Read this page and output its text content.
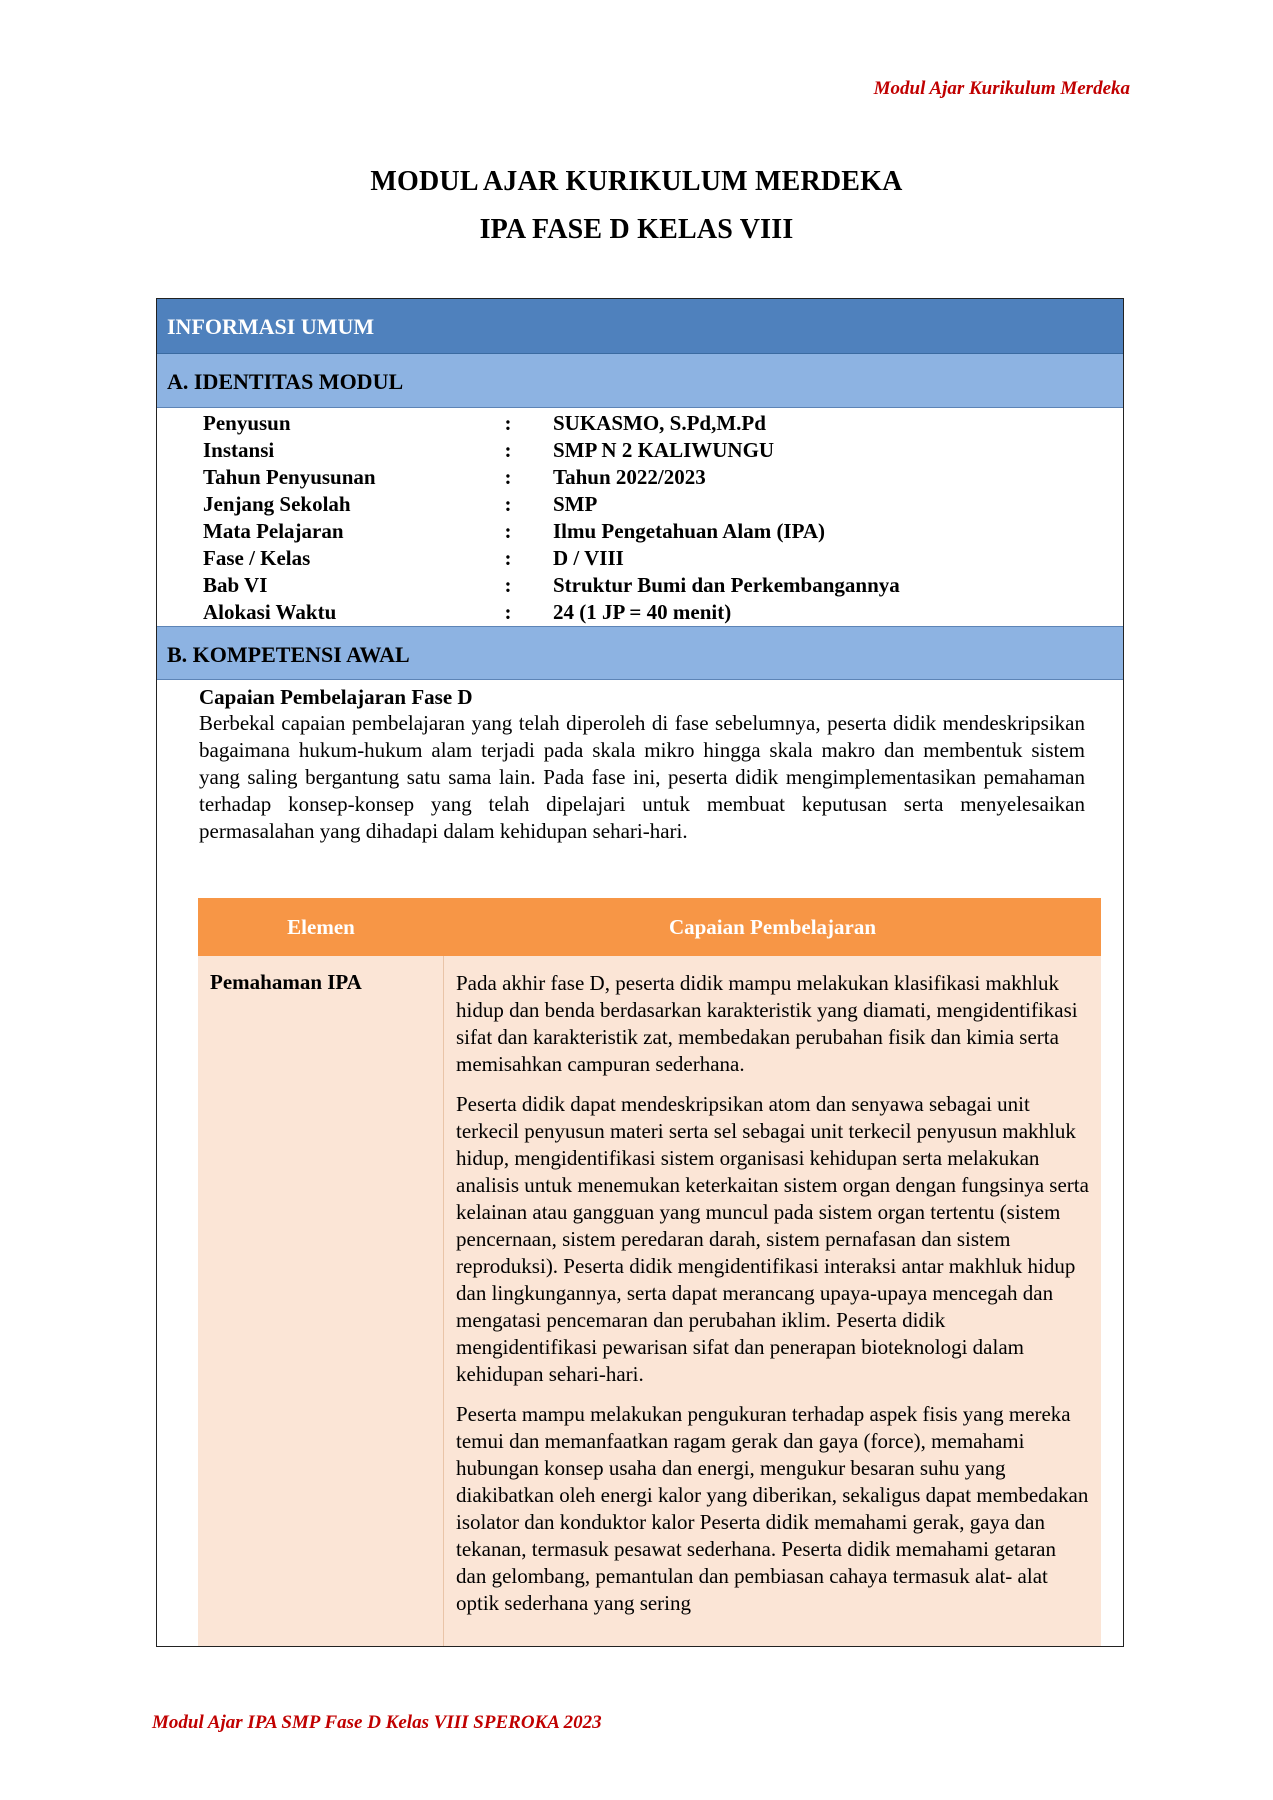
Modul Ajar Kurikulum Merdeka
MODUL AJAR KURIKULUM MERDEKA
IPA FASE D KELAS VIII
INFORMASI UMUM
A. IDENTITAS MODUL
Penyusun	:	SUKASMO, S.Pd,M.Pd
Instansi	:	SMP N 2 KALIWUNGU
Tahun Penyusunan	:	Tahun 2022/2023
Jenjang Sekolah	:	SMP
Mata Pelajaran	:	Ilmu Pengetahuan Alam (IPA)
Fase / Kelas	:	D / VIII
Bab VI	:	Struktur Bumi dan Perkembangannya
Alokasi Waktu	:	24 (1 JP = 40 menit)
B. KOMPETENSI AWAL
Capaian Pembelajaran Fase D
Berbekal capaian pembelajaran yang telah diperoleh di fase sebelumnya, peserta didik mendeskripsikan bagaimana hukum-hukum alam terjadi pada skala mikro hingga skala makro dan membentuk sistem yang saling bergantung satu sama lain. Pada fase ini, peserta didik mengimplementasikan pemahaman terhadap konsep-konsep yang telah dipelajari untuk membuat keputusan serta menyelesaikan permasalahan yang dihadapi dalam kehidupan sehari-hari.
Elemen	Capaian Pembelajaran
Pemahaman IPA	Pada akhir fase D, peserta didik mampu melakukan klasifikasi makhluk hidup dan benda berdasarkan karakteristik yang diamati, mengidentifikasi sifat dan karakteristik zat, membedakan perubahan fisik dan kimia serta memisahkan campuran sederhana.

Peserta didik dapat mendeskripsikan atom dan senyawa sebagai unit terkecil penyusun materi serta sel sebagai unit terkecil penyusun makhluk hidup, mengidentifikasi sistem organisasi kehidupan serta melakukan analisis untuk menemukan keterkaitan sistem organ dengan fungsinya serta kelainan atau gangguan yang muncul pada sistem organ tertentu (sistem pencernaan, sistem peredaran darah, sistem pernafasan dan sistem reproduksi). Peserta didik mengidentifikasi interaksi antar makhluk hidup dan lingkungannya, serta dapat merancang upaya-upaya mencegah dan mengatasi pencemaran dan perubahan iklim. Peserta didik mengidentifikasi pewarisan sifat dan penerapan bioteknologi dalam kehidupan sehari-hari.

Peserta mampu melakukan pengukuran terhadap aspek fisis yang mereka temui dan memanfaatkan ragam gerak dan gaya (force), memahami hubungan konsep usaha dan energi, mengukur besaran suhu yang diakibatkan oleh energi kalor yang diberikan, sekaligus dapat membedakan isolator dan konduktor kalor Peserta didik memahami gerak, gaya dan tekanan, termasuk pesawat sederhana. Peserta didik memahami getaran dan gelombang, pemantulan dan pembiasan cahaya termasuk alat- alat optik sederhana yang sering

Modul Ajar IPA SMP Fase D Kelas VIII SPEROKA 2023
